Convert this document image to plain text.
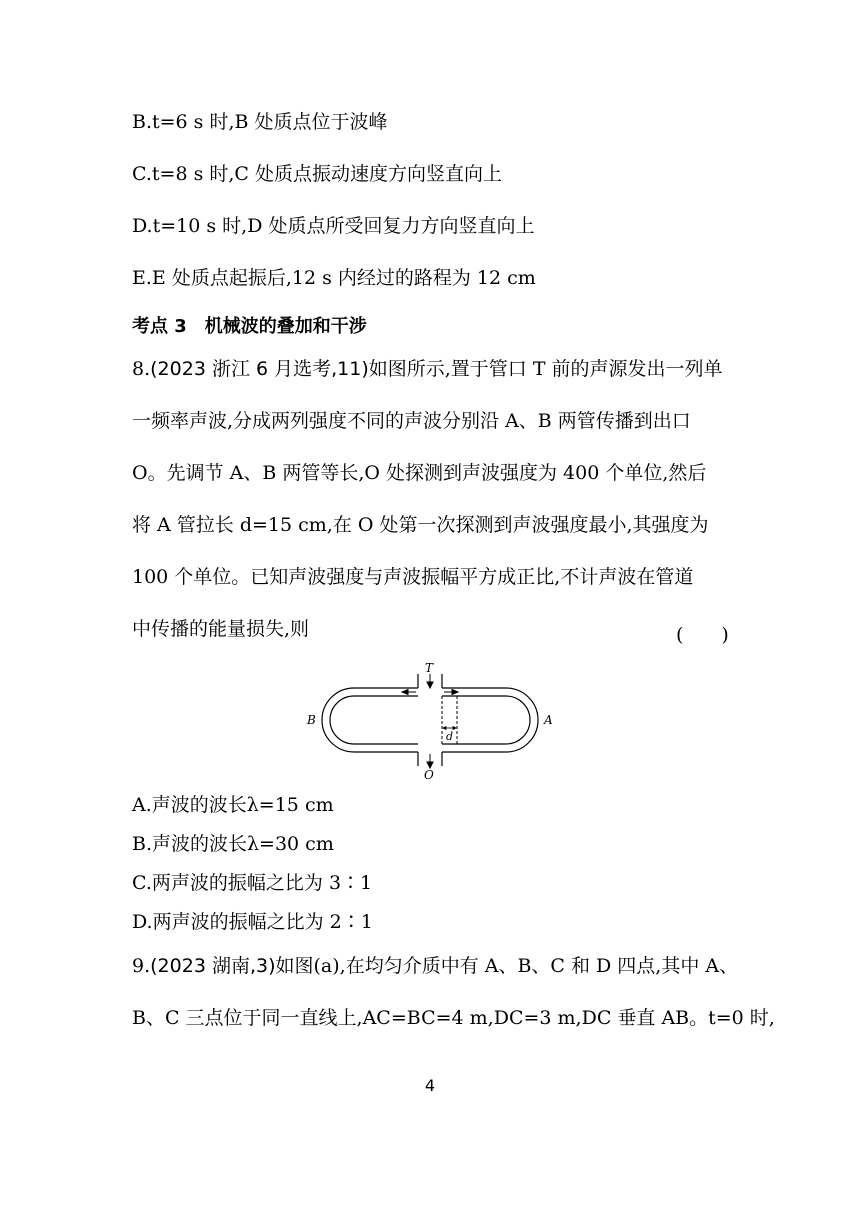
B.t=6 s 时,B 处质点位于波峰
C.t=8 s 时,C 处质点振动速度方向竖直向上
D.t=10 s 时,D 处质点所受回复力方向竖直向上
E.E 处质点起振后,12 s 内经过的路程为 12 cm
考点 3　机械波的叠加和干涉
8.(2023 浙江 6 月选考,11)如图所示,置于管口 T 前的声源发出一列单
一频率声波,分成两列强度不同的声波分别沿 A、B 两管传播到出口
O。先调节 A、B 两管等长,O 处探测到声波强度为 400 个单位,然后
将 A 管拉长 d=15 cm,在 O 处第一次探测到声波强度最小,其强度为
100 个单位。已知声波强度与声波振幅平方成正比,不计声波在管道
中传播的能量损失,则	(　　)
T
O
B	A
d
A.声波的波长λ=15 cm
B.声波的波长λ=30 cm
C.两声波的振幅之比为 3∶1
D.两声波的振幅之比为 2∶1
9.(2023 湖南,3)如图(a),在均匀介质中有 A、B、C 和 D 四点,其中 A、
B、C 三点位于同一直线上,AC=BC=4 m,DC=3 m,DC 垂直 AB。t=0 时,
4
